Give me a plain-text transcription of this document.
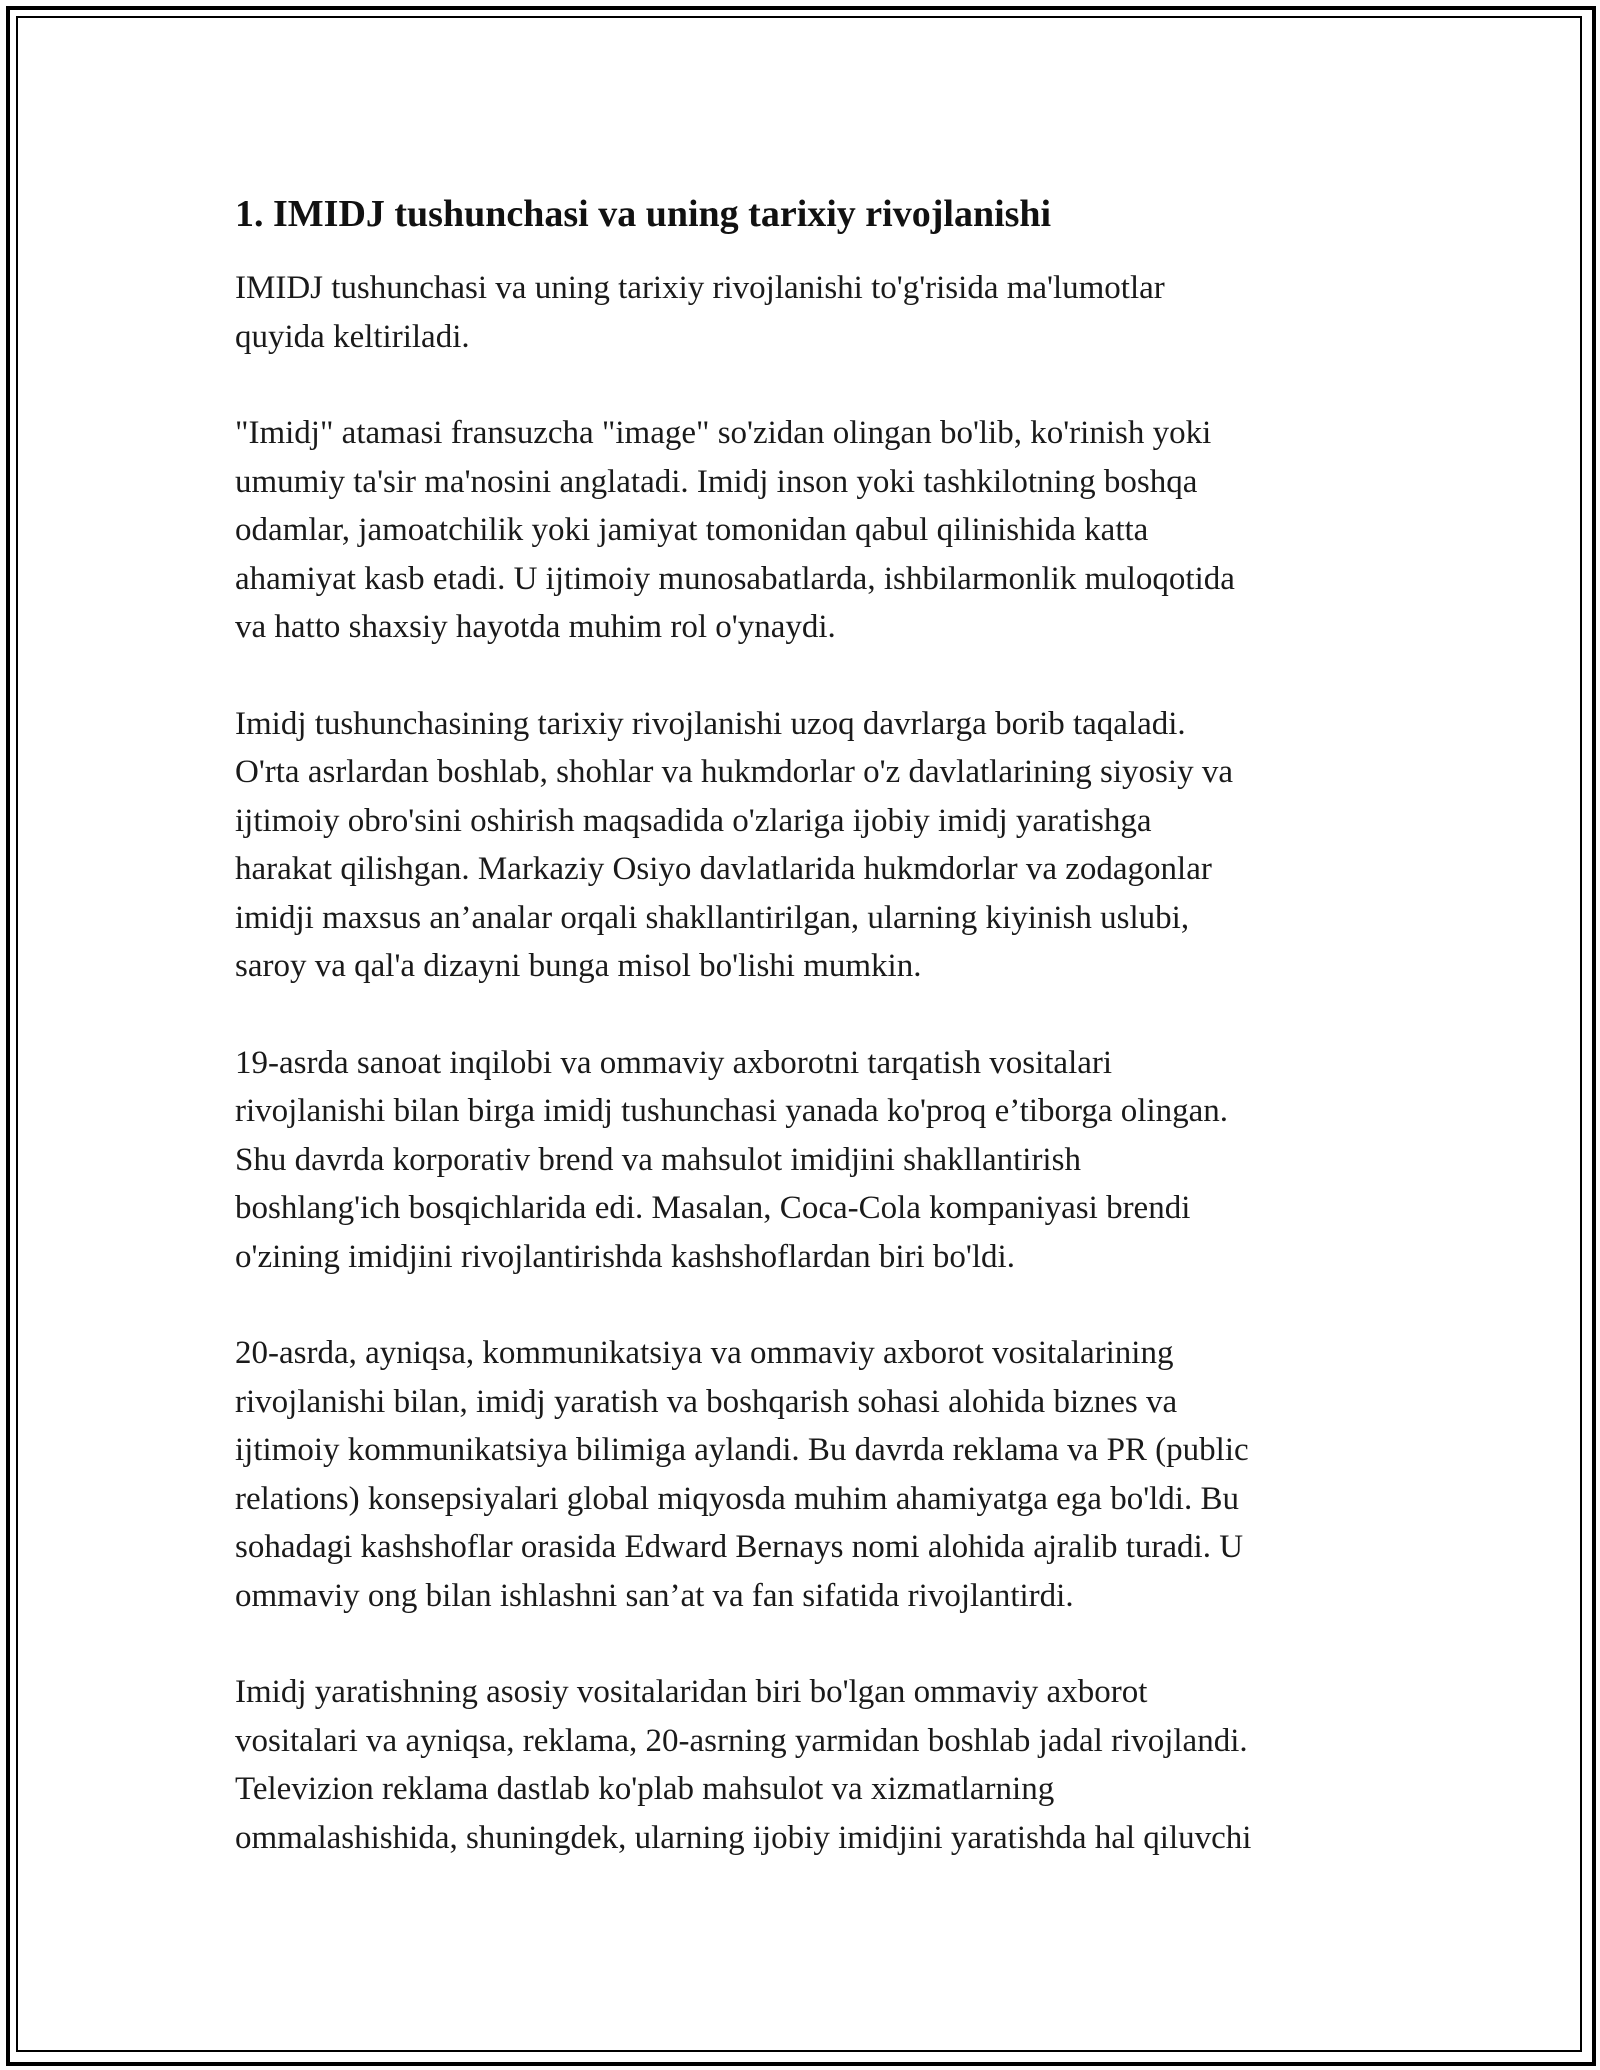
1. IMIDJ tushunchasi va uning tarixiy rivojlanishi

IMIDJ tushunchasi va uning tarixiy rivojlanishi to'g'risida ma'lumotlar
quyida keltiriladi.

"Imidj" atamasi fransuzcha "image" so'zidan olingan bo'lib, ko'rinish yoki
umumiy ta'sir ma'nosini anglatadi. Imidj inson yoki tashkilotning boshqa
odamlar, jamoatchilik yoki jamiyat tomonidan qabul qilinishida katta
ahamiyat kasb etadi. U ijtimoiy munosabatlarda, ishbilarmonlik muloqotida
va hatto shaxsiy hayotda muhim rol o'ynaydi.

Imidj tushunchasining tarixiy rivojlanishi uzoq davrlarga borib taqaladi.
O'rta asrlardan boshlab, shohlar va hukmdorlar o'z davlatlarining siyosiy va
ijtimoiy obro'sini oshirish maqsadida o'zlariga ijobiy imidj yaratishga
harakat qilishgan. Markaziy Osiyo davlatlarida hukmdorlar va zodagonlar
imidji maxsus an’analar orqali shakllantirilgan, ularning kiyinish uslubi,
saroy va qal'a dizayni bunga misol bo'lishi mumkin.

19-asrda sanoat inqilobi va ommaviy axborotni tarqatish vositalari
rivojlanishi bilan birga imidj tushunchasi yanada ko'proq e’tiborga olingan.
Shu davrda korporativ brend va mahsulot imidjini shakllantirish
boshlang'ich bosqichlarida edi. Masalan, Coca-Cola kompaniyasi brendi
o'zining imidjini rivojlantirishda kashshoflardan biri bo'ldi.

20-asrda, ayniqsa, kommunikatsiya va ommaviy axborot vositalarining
rivojlanishi bilan, imidj yaratish va boshqarish sohasi alohida biznes va
ijtimoiy kommunikatsiya bilimiga aylandi. Bu davrda reklama va PR (public
relations) konsepsiyalari global miqyosda muhim ahamiyatga ega bo'ldi. Bu
sohadagi kashshoflar orasida Edward Bernays nomi alohida ajralib turadi. U
ommaviy ong bilan ishlashni san’at va fan sifatida rivojlantirdi.

Imidj yaratishning asosiy vositalaridan biri bo'lgan ommaviy axborot
vositalari va ayniqsa, reklama, 20-asrning yarmidan boshlab jadal rivojlandi.
Televizion reklama dastlab ko'plab mahsulot va xizmatlarning
ommalashishida, shuningdek, ularning ijobiy imidjini yaratishda hal qiluvchi
